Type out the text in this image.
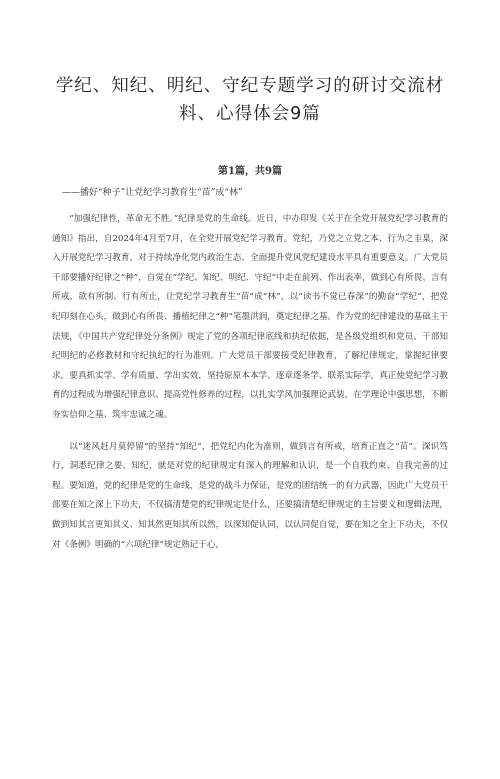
学纪、知纪、明纪、守纪专题学习的研讨交流材料、心得体会9篇
第1篇，共9篇
——播好“种子”让党纪学习教育生“苗”成“林”

“加强纪律性，革命无不胜。”纪律是党的生命线。近日，中办印发《关于在全党开展党纪学习教育的通知》指出，自2024年4月至7月，在全党开展党纪学习教育。党纪，乃党之立党之本、行为之圭臬，深入开展党纪学习教育，对于持续净化党内政治生态、全面提升党风党纪建设水平具有重要意义。广大党员干部要播好纪律之“种”，自觉在“学纪、知纪、明纪、守纪”中走在前列、作出表率，做到心有所畏、言有所戒、欲有所制、行有所止，让党纪学习教育生“苗”成“林”，以“读书不觉已春深”的勤奋“学纪”，把党纪印刻在心头，做到心有所畏、播植纪律之“种”笔墨洪润，奠定纪律之基。作为党的纪律建设的基础主干法规，《中国共产党纪律处分条例》规定了党的各项纪律底线和执纪依据，是各级党组织和党员、干部知纪明纪的必修教材和守纪执纪的行为准则。广大党员干部要接受纪律教育，了解纪律规定，掌握纪律要求，要真抓实学、学有质量、学出实效，坚持原原本本学、逐章逐条学、联系实际学，真正使党纪学习教育的过程成为增强纪律意识、提高党性修养的过程，以扎实学风加强理论武装，在学理论中强思想，不断夯实信仰之基、筑牢忠诚之魂。

以“迷风赶月莫停留”的坚持“知纪”，把党纪内化为准则，做到言有所戒，培育正直之“苗”。深识笃行，洞悉纪律之要。知纪，就是对党的纪律规定有深入的理解和认识，是一个自我约束、自我完善的过程。要知道，党的纪律是党的生命线，是党的战斗力保证，是党的团结统一的有力武器，因此广大党员干部要在知之深上下功夫，不仅搞清楚党的纪律规定是什么，还要搞清楚纪律规定的主旨要义和逻辑法理，做到知其言更知其义、知其然更知其所以然，以深知促认同，以认同促自觉，要在知之全上下功夫，不仅对《条例》明确的“六项纪律”规定熟记于心，
